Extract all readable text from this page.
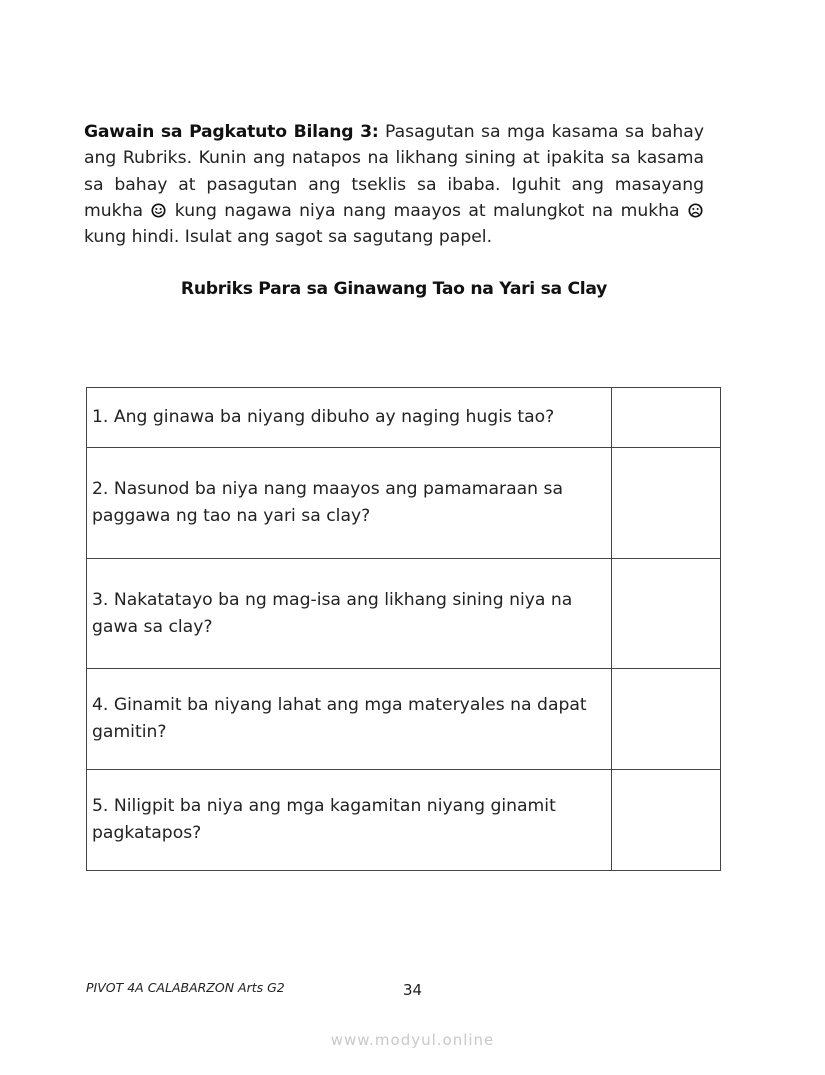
Gawain sa Pagkatuto Bilang 3: Pasagutan sa mga kasama sa bahay ang Rubriks. Kunin ang natapos na likhang sining at ipakita sa kasama sa bahay at pasagutan ang tseklis sa ibaba. Iguhit ang masayang mukha  kung nagawa niya nang maayos at malungkot na mukha  kung hindi. Isulat ang sagot sa sagutang papel.

Rubriks Para sa Ginawang Tao na Yari sa Clay
1. Ang ginawa ba niyang dibuho ay naging hugis tao?	
2. Nasunod ba niya nang maayos ang pamamaraan sa paggawa ng tao na yari sa clay?	
3. Nakatatayo ba ng mag-isa ang likhang sining niya na gawa sa clay?	
4. Ginamit ba niyang lahat ang mga materyales na dapat gamitin?	
5. Niligpit ba niya ang mga kagamitan niyang ginamit pagkatapos?	
PIVOT 4A CALABARZON Arts G2	34
www.modyul.online
